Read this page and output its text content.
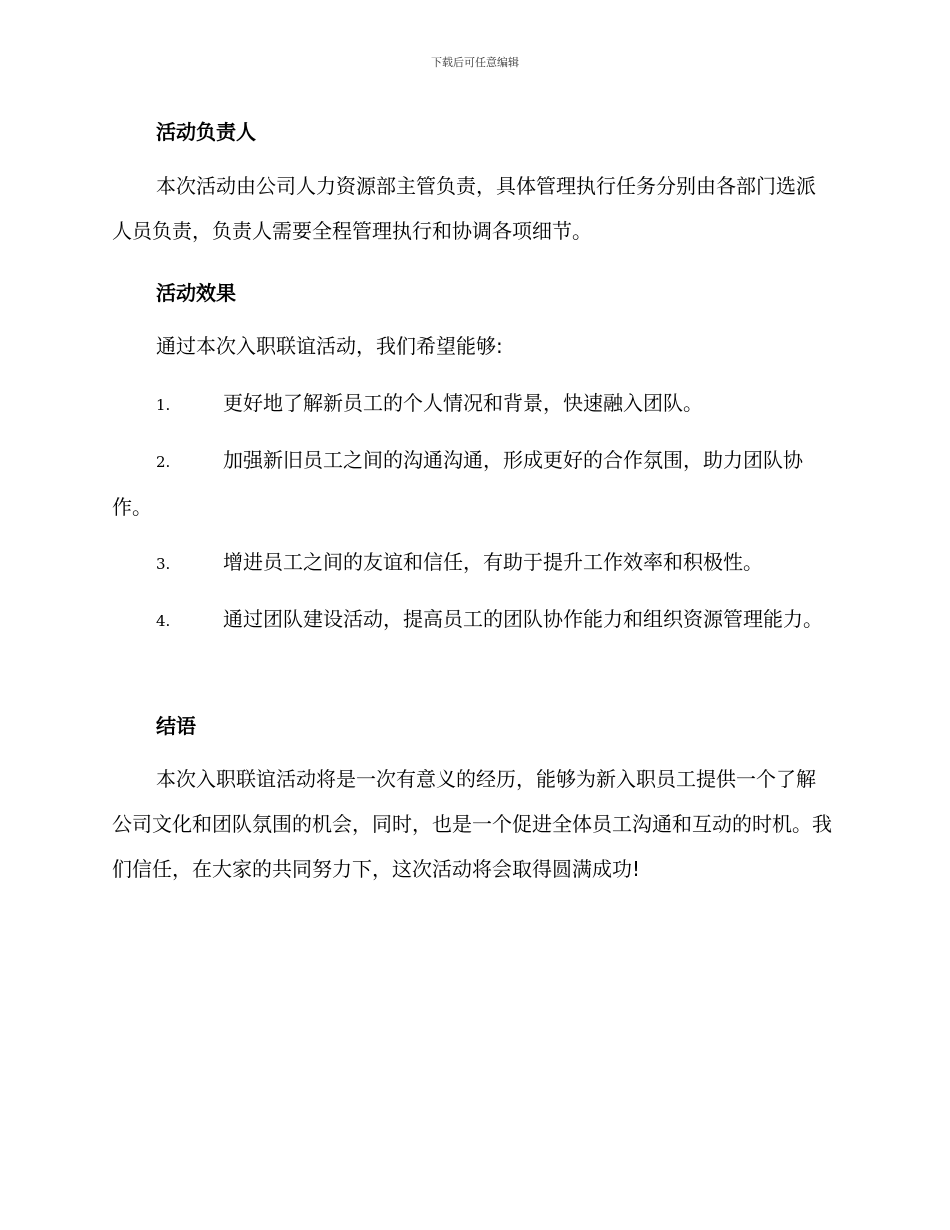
下载后可任意编辑
活动负责人
本次活动由公司人力资源部主管负责，具体管理执行任务分别由各部门选派人员负责，负责人需要全程管理执行和协调各项细节。
活动效果
通过本次入职联谊活动，我们希望能够:
1.	更好地了解新员工的个人情况和背景，快速融入团队。
2.	加强新旧员工之间的沟通沟通，形成更好的合作氛围，助力团队协作。
3.	增进员工之间的友谊和信任，有助于提升工作效率和积极性。
4.	通过团队建设活动，提高员工的团队协作能力和组织资源管理能力。
结语
本次入职联谊活动将是一次有意义的经历，能够为新入职员工提供一个了解公司文化和团队氛围的机会，同时，也是一个促进全体员工沟通和互动的时机。我们信任，在大家的共同努力下，这次活动将会取得圆满成功!
